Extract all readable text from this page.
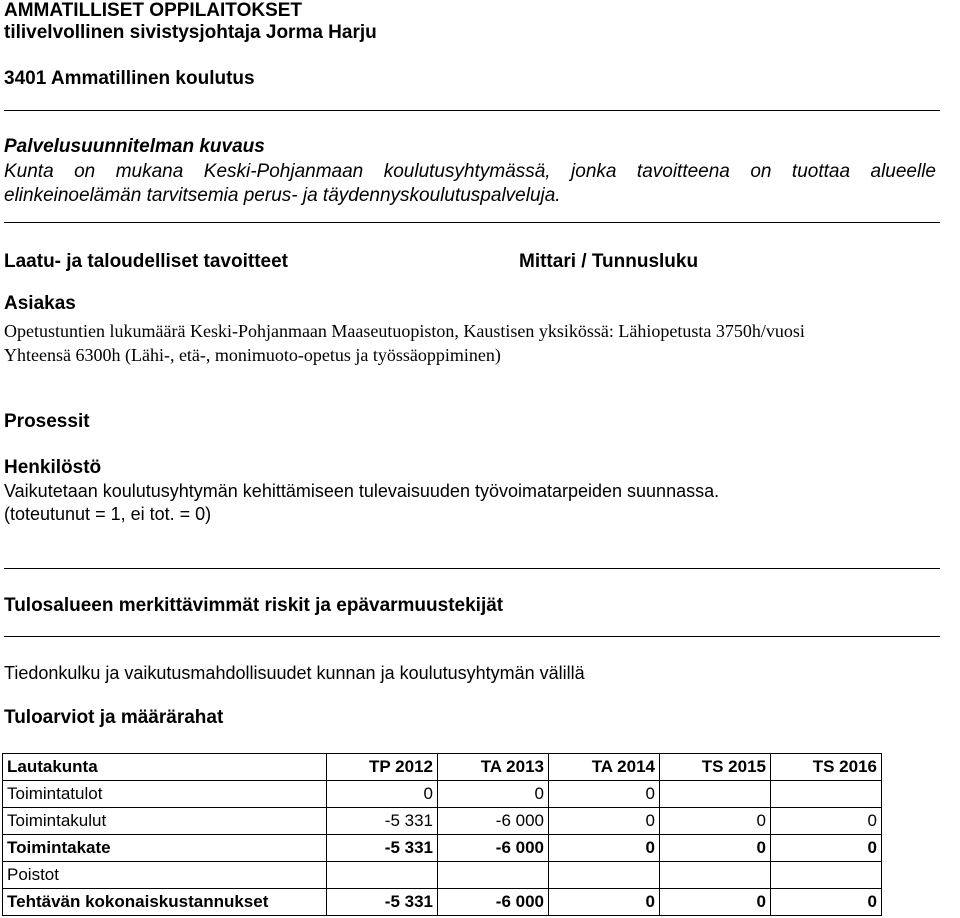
AMMATILLISET OPPILAITOKSET
tilivelvollinen sivistysjohtaja Jorma Harju
3401 Ammatillinen koulutus
Palvelusuunnitelman kuvaus
Kunta on mukana Keski-Pohjanmaan koulutusyhtymässä, jonka tavoitteena on tuottaa alueelle
elinkeinoelämän tarvitsemia perus- ja täydennyskoulutuspalveluja.
Laatu- ja taloudelliset tavoitteet	Mittari / Tunnusluku
Asiakas
Opetustuntien lukumäärä Keski-Pohjanmaan Maaseutuopiston, Kaustisen yksikössä: Lähiopetusta 3750h/vuosi
Yhteensä 6300h (Lähi-, etä-, monimuoto-opetus ja työssäoppiminen)
Prosessit
Henkilöstö
Vaikutetaan koulutusyhtymän kehittämiseen tulevaisuuden työvoimatarpeiden suunnassa.
(toteutunut = 1, ei tot. = 0)
Tulosalueen merkittävimmät riskit ja epävarmuustekijät
Tiedonkulku ja vaikutusmahdollisuudet kunnan ja koulutusyhtymän välillä
Tuloarviot ja määrärahat
Lautakunta	TP 2012	TA 2013	TA 2014	TS 2015	TS 2016
Toimintatulot	0	0	0		
Toimintakulut	-5 331	-6 000	0	0	0
Toimintakate	-5 331	-6 000	0	0	0
Poistot					
Tehtävän kokonaiskustannukset	-5 331	-6 000	0	0	0
